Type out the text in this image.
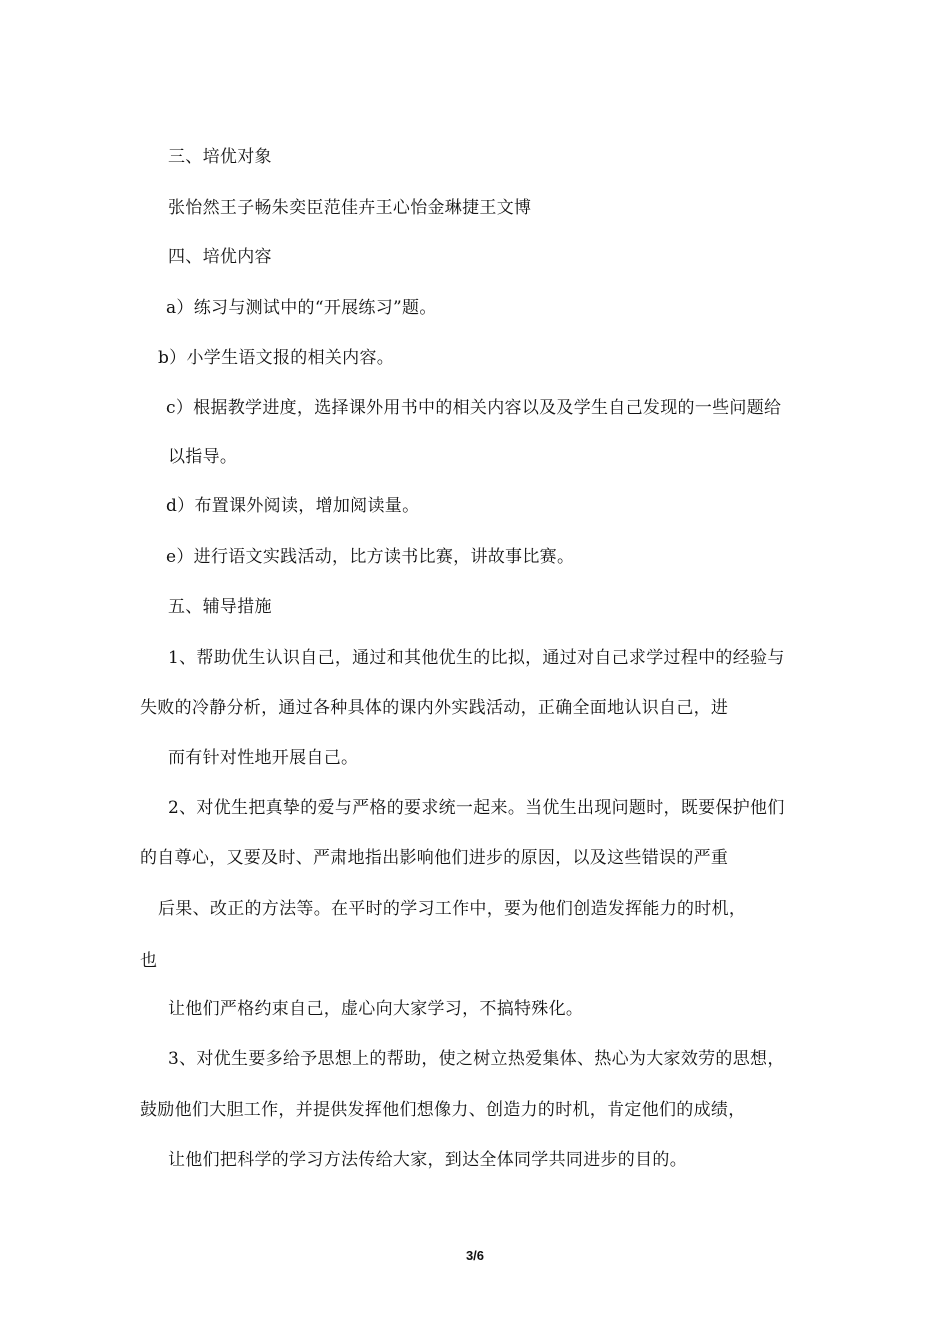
三、培优对象
张怡然王子畅朱奕臣范佳卉王心怡金琳捷王文博
四、培优内容
a）练习与测试中的“开展练习”题。
b）小学生语文报的相关内容。
c）根据教学进度，选择课外用书中的相关内容以及及学生自己发现的一些问题给
以指导。
d）布置课外阅读，增加阅读量。
e）进行语文实践活动，比方读书比赛，讲故事比赛。
五、辅导措施
1、帮助优生认识自己，通过和其他优生的比拟，通过对自己求学过程中的经验与
失败的冷静分析，通过各种具体的课内外实践活动，正确全面地认识自己，进
而有针对性地开展自己。
2、对优生把真挚的爱与严格的要求统一起来。当优生出现问题时，既要保护他们
的自尊心，又要及时、严肃地指出影响他们进步的原因，以及这些错误的严重
后果、改正的方法等。在平时的学习工作中，要为他们创造发挥能力的时机，
也
让他们严格约束自己，虚心向大家学习，不搞特殊化。
3、对优生要多给予思想上的帮助，使之树立热爱集体、热心为大家效劳的思想，
鼓励他们大胆工作，并提供发挥他们想像力、创造力的时机，肯定他们的成绩，
让他们把科学的学习方法传给大家，到达全体同学共同进步的目的。
3/6
